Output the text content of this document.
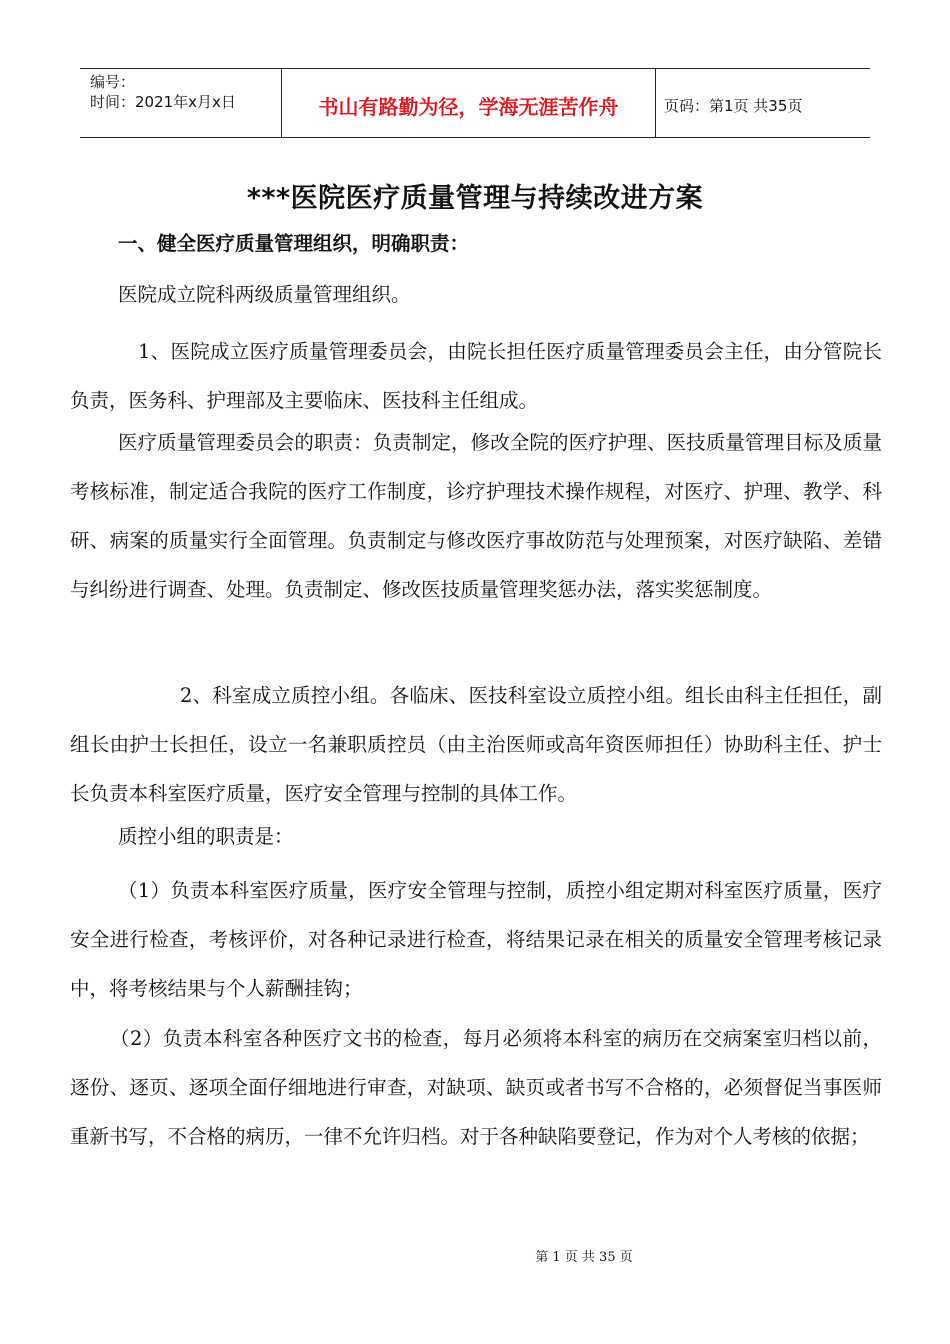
编号：
时间：2021年x月x日	书山有路勤为径，学海无涯苦作舟	页码：第1页 共35页
***医院医疗质量管理与持续改进方案
一、健全医疗质量管理组织，明确职责：
医院成立院科两级质量管理组织。
1、医院成立医疗质量管理委员会，由院长担任医疗质量管理委员会主任，由分管院长负责，医务科、护理部及主要临床、医技科主任组成。
医疗质量管理委员会的职责：负责制定，修改全院的医疗护理、医技质量管理目标及质量考核标准，制定适合我院的医疗工作制度，诊疗护理技术操作规程，对医疗、护理、教学、科研、病案的质量实行全面管理。负责制定与修改医疗事故防范与处理预案，对医疗缺陷、差错与纠纷进行调查、处理。负责制定、修改医技质量管理奖惩办法，落实奖惩制度。
2、科室成立质控小组。各临床、医技科室设立质控小组。组长由科主任担任，副组长由护士长担任，设立一名兼职质控员（由主治医师或高年资医师担任）协助科主任、护士长负责本科室医疗质量，医疗安全管理与控制的具体工作。
质控小组的职责是：
（1）负责本科室医疗质量，医疗安全管理与控制，质控小组定期对科室医疗质量，医疗安全进行检查，考核评价，对各种记录进行检查，将结果记录在相关的质量安全管理考核记录中，将考核结果与个人薪酬挂钩；
（2）负责本科室各种医疗文书的检查，每月必须将本科室的病历在交病案室归档以前，逐份、逐页、逐项全面仔细地进行审查，对缺项、缺页或者书写不合格的，必须督促当事医师重新书写，不合格的病历，一律不允许归档。对于各种缺陷要登记，作为对个人考核的依据；
第 1 页 共 35 页
